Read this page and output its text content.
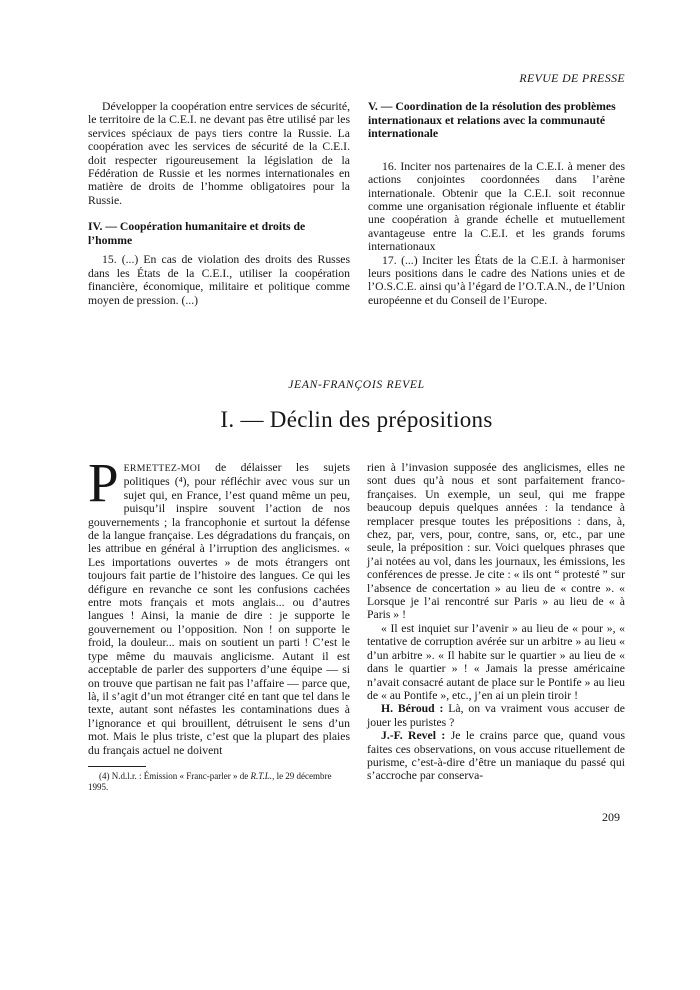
REVUE DE PRESSE

Développer la coopération entre services de sécurité, le territoire de la C.E.I. ne devant pas être utilisé par les services spéciaux de pays tiers contre la Russie. La coopération avec les services de sécurité de la C.E.I. doit respecter rigoureusement la législation de la Fédération de Russie et les normes internationales en matière de droits de l’homme obligatoires pour la Russie.

IV. — Coopération humanitaire et droits de l’homme

15. (...) En cas de violation des droits des Russes dans les États de la C.E.I., utiliser la coopération financière, économique, militaire et politique comme moyen de pression. (...)

V. — Coordination de la résolution des problèmes internationaux et relations avec la communauté internationale

16. Inciter nos partenaires de la C.E.I. à mener des actions conjointes coordonnées dans l’arène internationale. Obtenir que la C.E.I. soit reconnue comme une organisation régionale influente et établir une coopération à grande échelle et mutuellement avantageuse entre la C.E.I. et les grands forums internationaux

17. (...) Inciter les États de la C.E.I. à harmoniser leurs positions dans le cadre des Nations unies et de l’O.S.C.E. ainsi qu’à l’égard de l’O.T.A.N., de l’Union européenne et du Conseil de l’Europe.

JEAN-FRANÇOIS REVEL
I. — Déclin des prépositions

PERMETTEZ-MOI de délaisser les sujets politiques (⁴), pour réfléchir avec vous sur un sujet qui, en France, l’est quand même un peu, puisqu’il inspire souvent l’action de nos gouvernements ; la francophonie et surtout la défense de la langue française. Les dégradations du français, on les attribue en général à l’irruption des anglicismes. « Les importations ouvertes » de mots étrangers ont toujours fait partie de l’histoire des langues. Ce qui les défigure en revanche ce sont les confusions cachées entre mots français et mots anglais... ou d’autres langues ! Ainsi, la manie de dire : je supporte le gouvernement ou l’opposition. Non ! on supporte le froid, la douleur... mais on soutient un parti ! C’est le type même du mauvais anglicisme. Autant il est acceptable de parler des supporters d’une équipe — si on trouve que partisan ne fait pas l’affaire — parce que, là, il s’agit d’un mot étranger cité en tant que tel dans le texte, autant sont néfastes les contaminations dues à l’ignorance et qui brouillent, détruisent le sens d’un mot. Mais le plus triste, c’est que la plupart des plaies du français actuel ne doivent

(4) N.d.l.r. : Émission « Franc-parler » de R.T.L., le 29 décembre 1995.

rien à l’invasion supposée des anglicismes, elles ne sont dues qu’à nous et sont parfaitement franco-françaises. Un exemple, un seul, qui me frappe beaucoup depuis quelques années : la tendance à remplacer presque toutes les prépositions : dans, à, chez, par, vers, pour, contre, sans, or, etc., par une seule, la préposition : sur. Voici quelques phrases que j’ai notées au vol, dans les journaux, les émissions, les conférences de presse. Je cite : « ils ont “ protesté ” sur l’absence de concertation » au lieu de « contre ». « Lorsque je l’ai rencontré sur Paris » au lieu de « à Paris » !

« Il est inquiet sur l’avenir » au lieu de « pour », « tentative de corruption avérée sur un arbitre » au lieu « d’un arbitre ». « Il habite sur le quartier » au lieu de « dans le quartier » ! « Jamais la presse américaine n’avait consacré autant de place sur le Pontife » au lieu de « au Pontife », etc., j’en ai un plein tiroir !

H. Béroud : Là, on va vraiment vous accuser de jouer les puristes ?

J.-F. Revel : Je le crains parce que, quand vous faites ces observations, on vous accuse rituellement de purisme, c’est-à-dire d’être un maniaque du passé qui s’accroche par conserva-

209
